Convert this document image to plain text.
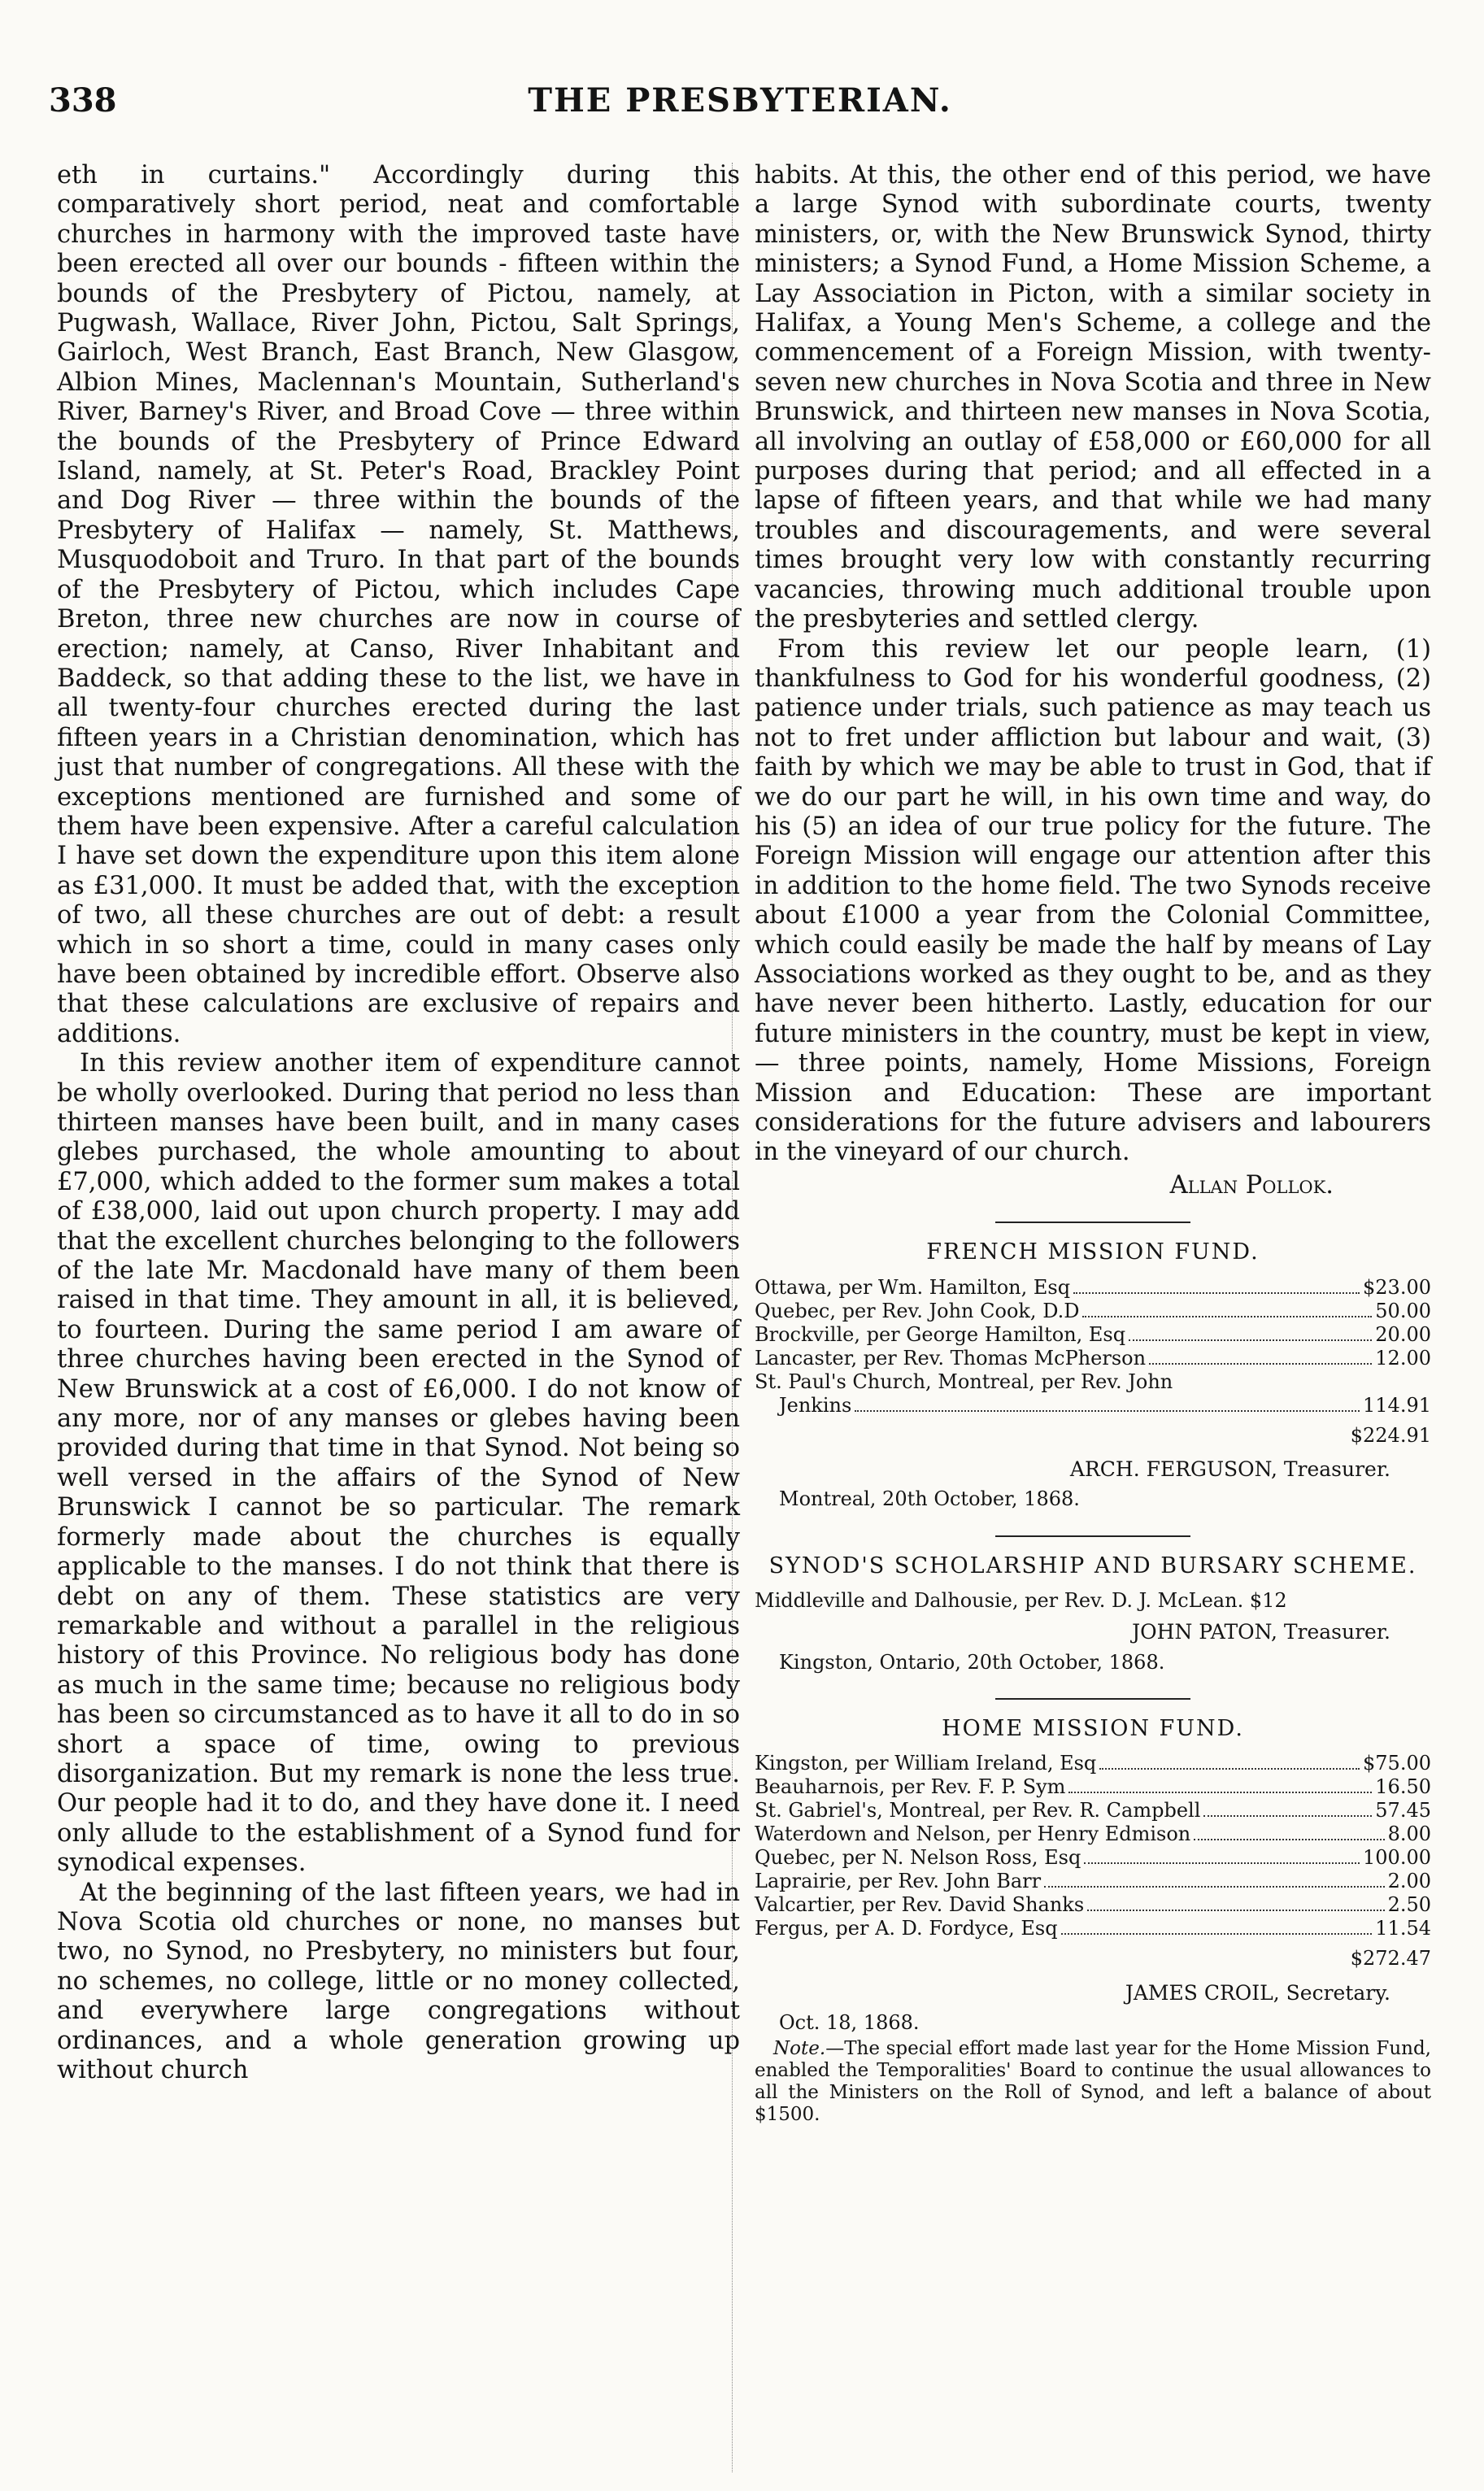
338	THE PRESBYTERIAN.

eth in curtains." Accordingly during this comparatively short period, neat and comfortable churches in harmony with the improved taste have been erected all over our bounds - fifteen within the bounds of the Presbytery of Pictou, namely, at Pugwash, Wallace, River John, Pictou, Salt Springs, Gairloch, West Branch, East Branch, New Glasgow, Albion Mines, Maclennan's Mountain, Sutherland's River, Barney's River, and Broad Cove — three within the bounds of the Presbytery of Prince Edward Island, namely, at St. Peter's Road, Brackley Point and Dog River — three within the bounds of the Presbytery of Halifax — namely, St. Matthews, Musquodoboit and Truro. In that part of the bounds of the Presbytery of Pictou, which includes Cape Breton, three new churches are now in course of erection; namely, at Canso, River Inhabitant and Baddeck, so that adding these to the list, we have in all twenty-four churches erected during the last fifteen years in a Christian denomination, which has just that number of congregations. All these with the exceptions mentioned are furnished and some of them have been expensive. After a careful calculation I have set down the expenditure upon this item alone as £31,000. It must be added that, with the exception of two, all these churches are out of debt: a result which in so short a time, could in many cases only have been obtained by incredible effort. Observe also that these calculations are exclusive of repairs and additions.

In this review another item of expenditure cannot be wholly overlooked. During that period no less than thirteen manses have been built, and in many cases glebes purchased, the whole amounting to about £7,000, which added to the former sum makes a total of £38,000, laid out upon church property. I may add that the excellent churches belonging to the followers of the late Mr. Macdonald have many of them been raised in that time. They amount in all, it is believed, to fourteen. During the same period I am aware of three churches having been erected in the Synod of New Brunswick at a cost of £6,000. I do not know of any more, nor of any manses or glebes having been provided during that time in that Synod. Not being so well versed in the affairs of the Synod of New Brunswick I cannot be so particular. The remark formerly made about the churches is equally applicable to the manses. I do not think that there is debt on any of them. These statistics are very remarkable and without a parallel in the religious history of this Province. No religious body has done as much in the same time; because no religious body has been so circumstanced as to have it all to do in so short a space of time, owing to previous disorganization. But my remark is none the less true. Our people had it to do, and they have done it. I need only allude to the establishment of a Synod fund for synodical expenses.

At the beginning of the last fifteen years, we had in Nova Scotia old churches or none, no manses but two, no Synod, no Presbytery, no ministers but four, no schemes, no college, little or no money collected, and everywhere large congregations without ordinances, and a whole generation growing up without church

habits. At this, the other end of this period, we have a large Synod with subordinate courts, twenty ministers, or, with the New Brunswick Synod, thirty ministers; a Synod Fund, a Home Mission Scheme, a Lay Association in Picton, with a similar society in Halifax, a Young Men's Scheme, a college and the commencement of a Foreign Mission, with twenty-seven new churches in Nova Scotia and three in New Brunswick, and thirteen new manses in Nova Scotia, all involving an outlay of £58,000 or £60,000 for all purposes during that period; and all effected in a lapse of fifteen years, and that while we had many troubles and discouragements, and were several times brought very low with constantly recurring vacancies, throwing much additional trouble upon the presbyteries and settled clergy.

From this review let our people learn, (1) thankfulness to God for his wonderful goodness, (2) patience under trials, such patience as may teach us not to fret under affliction but labour and wait, (3) faith by which we may be able to trust in God, that if we do our part he will, in his own time and way, do his (5) an idea of our true policy for the future. The Foreign Mission will engage our attention after this in addition to the home field. The two Synods receive about £1000 a year from the Colonial Committee, which could easily be made the half by means of Lay Associations worked as they ought to be, and as they have never been hitherto. Lastly, education for our future ministers in the country, must be kept in view, — three points, namely, Home Missions, Foreign Mission and Education: These are important considerations for the future advisers and labourers in the vineyard of our church.

Allan Pollok.
FRENCH MISSION FUND.
Ottawa, per Wm. Hamilton, Esq	$23.00
Quebec, per Rev. John Cook, D.D	50.00
Brockville, per George Hamilton, Esq	20.00
Lancaster, per Rev. Thomas McPherson	12.00
St. Paul's Church, Montreal, per Rev. John
Jenkins	114.91
$224.91
ARCH. FERGUSON, Treasurer.
Montreal, 20th October, 1868.
SYNOD'S SCHOLARSHIP AND BURSARY SCHEME.
Middleville and Dalhousie, per Rev. D. J. McLean. $12
JOHN PATON, Treasurer.
Kingston, Ontario, 20th October, 1868.
HOME MISSION FUND.
Kingston, per William Ireland, Esq	$75.00
Beauharnois, per Rev. F. P. Sym	16.50
St. Gabriel's, Montreal, per Rev. R. Campbell	57.45
Waterdown and Nelson, per Henry Edmison	8.00
Quebec, per N. Nelson Ross, Esq	100.00
Laprairie, per Rev. John Barr	2.00
Valcartier, per Rev. David Shanks	2.50
Fergus, per A. D. Fordyce, Esq	11.54
$272.47
JAMES CROIL, Secretary.
Oct. 18, 1868.
Note.—The special effort made last year for the Home Mission Fund, enabled the Temporalities' Board to continue the usual allowances to all the Ministers on the Roll of Synod, and left a balance of about $1500.
